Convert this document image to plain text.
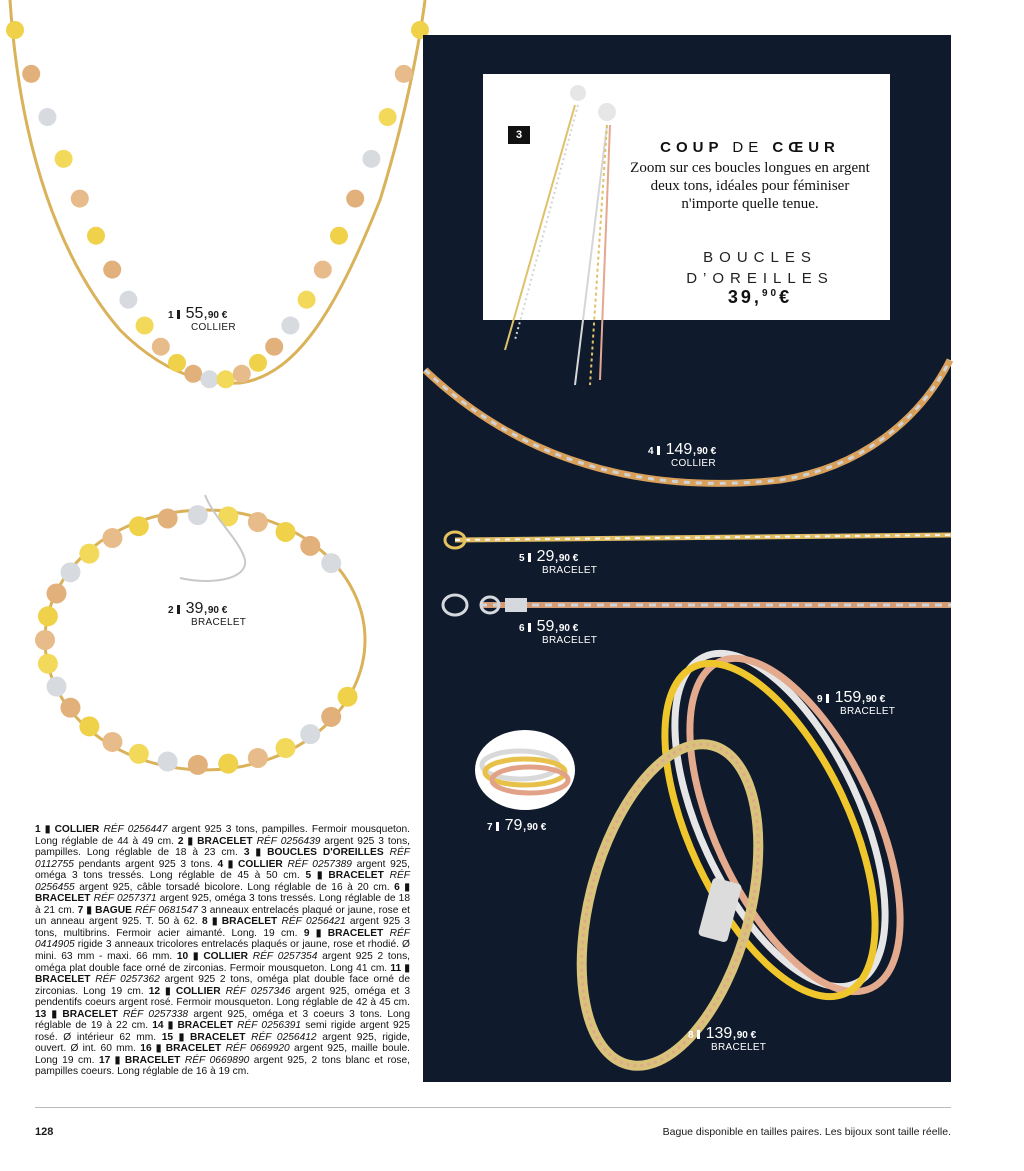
3
COUP DE CŒUR
Zoom sur ces boucles longues en argent deux tons, idéales pour féminiser n'importe quelle tenue.
BOUCLES
D’OREILLES
39,90€
1 55,90 €
COLLIER
2 39,90 €
BRACELET
4 149,90 €
COLLIER
5 29,90 €
BRACELET
6 59,90 €
BRACELET
9 159,90 €
BRACELET
7 79,90 €
8 139,90 €
BRACELET
1 ▮ COLLIER RÉF 0256447 argent 925 3 tons, pampilles. Fermoir mousqueton. Long réglable de 44 à 49 cm. 2 ▮ BRACELET RÉF 0256439 argent 925 3 tons, pampilles. Long réglable de 18 à 23 cm. 3 ▮ BOUCLES D'OREILLES RÉF 0112755 pendants argent 925 3 tons. 4 ▮ COLLIER RÉF 0257389 argent 925, oméga 3 tons tressés. Long réglable de 45 à 50 cm. 5 ▮ BRACELET RÉF 0256455 argent 925, câble torsadé bicolore. Long réglable de 16 à 20 cm. 6 ▮ BRACELET RÉF 0257371 argent 925, oméga 3 tons tressés. Long réglable de 18 à 21 cm. 7 ▮ BAGUE RÉF 0681547 3 anneaux entrelacés plaqué or jaune, rose et un anneau argent 925. T. 50 à 62. 8 ▮ BRACELET RÉF 0256421 argent 925 3 tons, multibrins. Fermoir acier aimanté. Long. 19 cm. 9 ▮ BRACELET RÉF 0414905 rigide 3 anneaux tricolores entrelacés plaqués or jaune, rose et rhodié. Ø mini. 63 mm - maxi. 66 mm. 10 ▮ COLLIER RÉF 0257354 argent 925 2 tons, oméga plat double face orné de zirconias. Fermoir mousqueton. Long 41 cm. 11 ▮ BRACELET RÉF 0257362 argent 925 2 tons, oméga plat double face orné de zirconias. Long 19 cm. 12 ▮ COLLIER RÉF 0257346 argent 925, oméga et 3 pendentifs coeurs argent rosé. Fermoir mousqueton. Long réglable de 42 à 45 cm. 13 ▮ BRACELET RÉF 0257338 argent 925, oméga et 3 coeurs 3 tons. Long réglable de 19 à 22 cm. 14 ▮ BRACELET RÉF 0256391 semi rigide argent 925 rosé. Ø intérieur 62 mm. 15 ▮ BRACELET RÉF 0256412 argent 925, rigide, ouvert. Ø int. 60 mm. 16 ▮ BRACELET RÉF 0669920 argent 925, maille boule. Long 19 cm. 17 ▮ BRACELET RÉF 0669890 argent 925, 2 tons blanc et rose, pampilles coeurs. Long réglable de 16 à 19 cm.
128	Bague disponible en tailles paires. Les bijoux sont taille réelle.
